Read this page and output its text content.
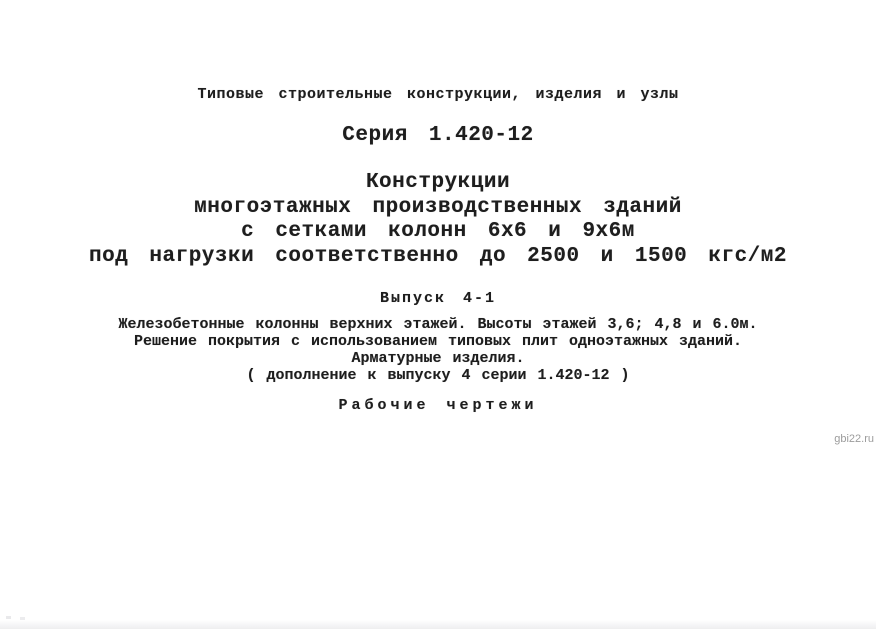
Типовые строительные конструкции, изделия и узлы
Серия 1.420-12
Конструкции
многоэтажных производственных зданий
с сетками колонн 6х6 и 9х6м
под нагрузки соответственно до 2500 и 1500 кгс/м2
Выпуск 4-1
Железобетонные колонны верхних этажей. Высоты этажей 3,6; 4,8 и 6.0м.
Решение покрытия с использованием типовых плит одноэтажных зданий.
Арматурные изделия.
( дополнение к выпуску 4 серии 1.420-12 )
Рабочие чертежи
gbi22.ru
